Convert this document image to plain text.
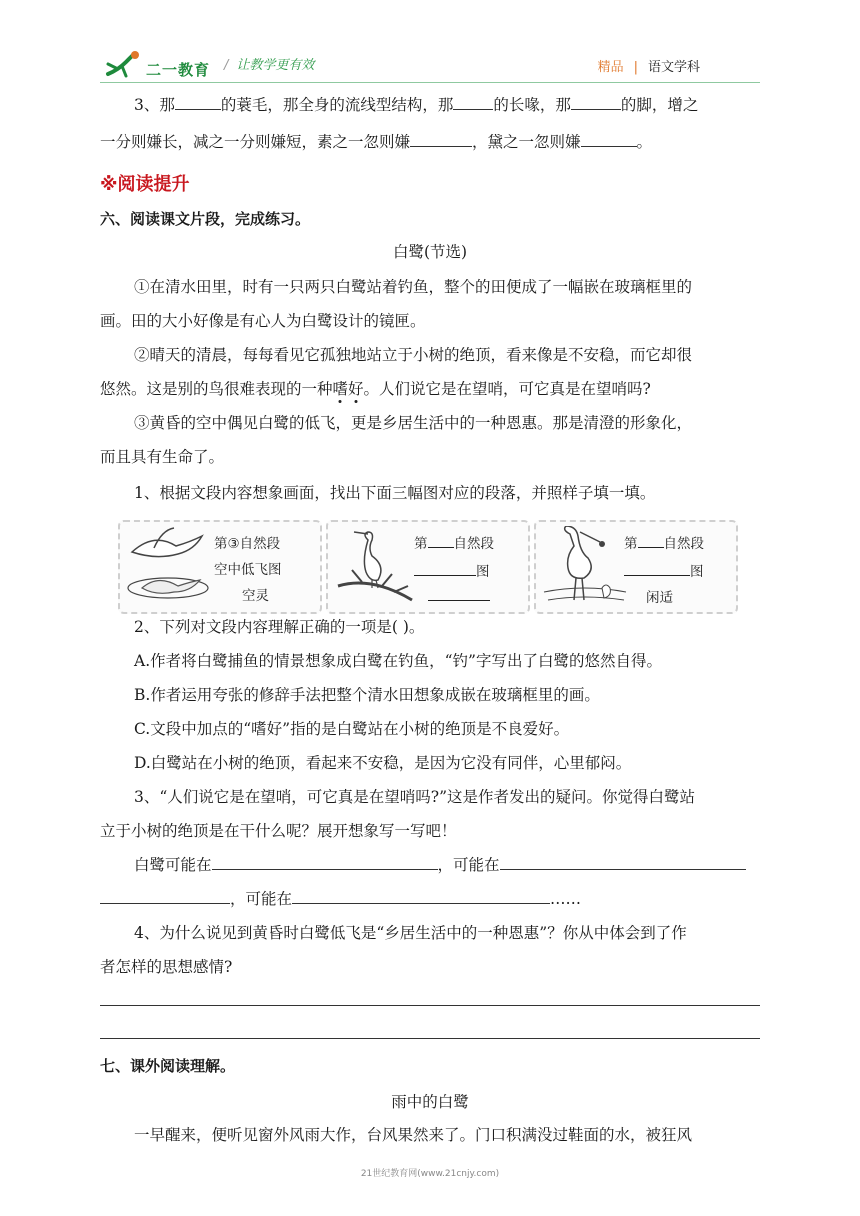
二一教育 / 让教学更有效	精品 | 语文学科
3、那	的蓑毛，那全身的流线型结构，那	的长喙，那	的脚，增之
一分则嫌长，减之一分则嫌短，素之一忽则嫌	，黛之一忽则嫌	。
※阅读提升
六、阅读课文片段，完成练习。
白鹭(节选)
①在清水田里，时有一只两只白鹭站着钓鱼，整个的田便成了一幅嵌在玻璃框里的
画。田的大小好像是有心人为白鹭设计的镜匣。
②晴天的清晨，每每看见它孤独地站立于小树的绝顶，看来像是不安稳，而它却很
悠然。这是别的鸟很难表现的一种嗜好。人们说它是在望哨，可它真是在望哨吗?
③黄昏的空中偶见白鹭的低飞，更是乡居生活中的一种恩惠。那是清澄的形象化，
而且具有生命了。
1、根据文段内容想象画面，找出下面三幅图对应的段落，并照样子填一填。
第③自然段
空中低飞图
空灵
第 自然段
图
第 自然段
图
闲适
2、下列对文段内容理解正确的一项是( )。
A.作者将白鹭捕鱼的情景想象成白鹭在钓鱼，“钓”字写出了白鹭的悠然自得。
B.作者运用夸张的修辞手法把整个清水田想象成嵌在玻璃框里的画。
C.文段中加点的“嗜好”指的是白鹭站在小树的绝顶是不良爱好。
D.白鹭站在小树的绝顶，看起来不安稳，是因为它没有同伴，心里郁闷。
3、“人们说它是在望哨，可它真是在望哨吗?”这是作者发出的疑问。你觉得白鹭站
立于小树的绝顶是在干什么呢？展开想象写一写吧！
白鹭可能在	，可能在
，可能在	……
4、为什么说见到黄昏时白鹭低飞是“乡居生活中的一种恩惠”？你从中体会到了作
者怎样的思想感情?
七、课外阅读理解。
雨中的白鹭
一早醒来，便听见窗外风雨大作，台风果然来了。门口积满没过鞋面的水，被狂风
21世纪教育网(www.21cnjy.com)
